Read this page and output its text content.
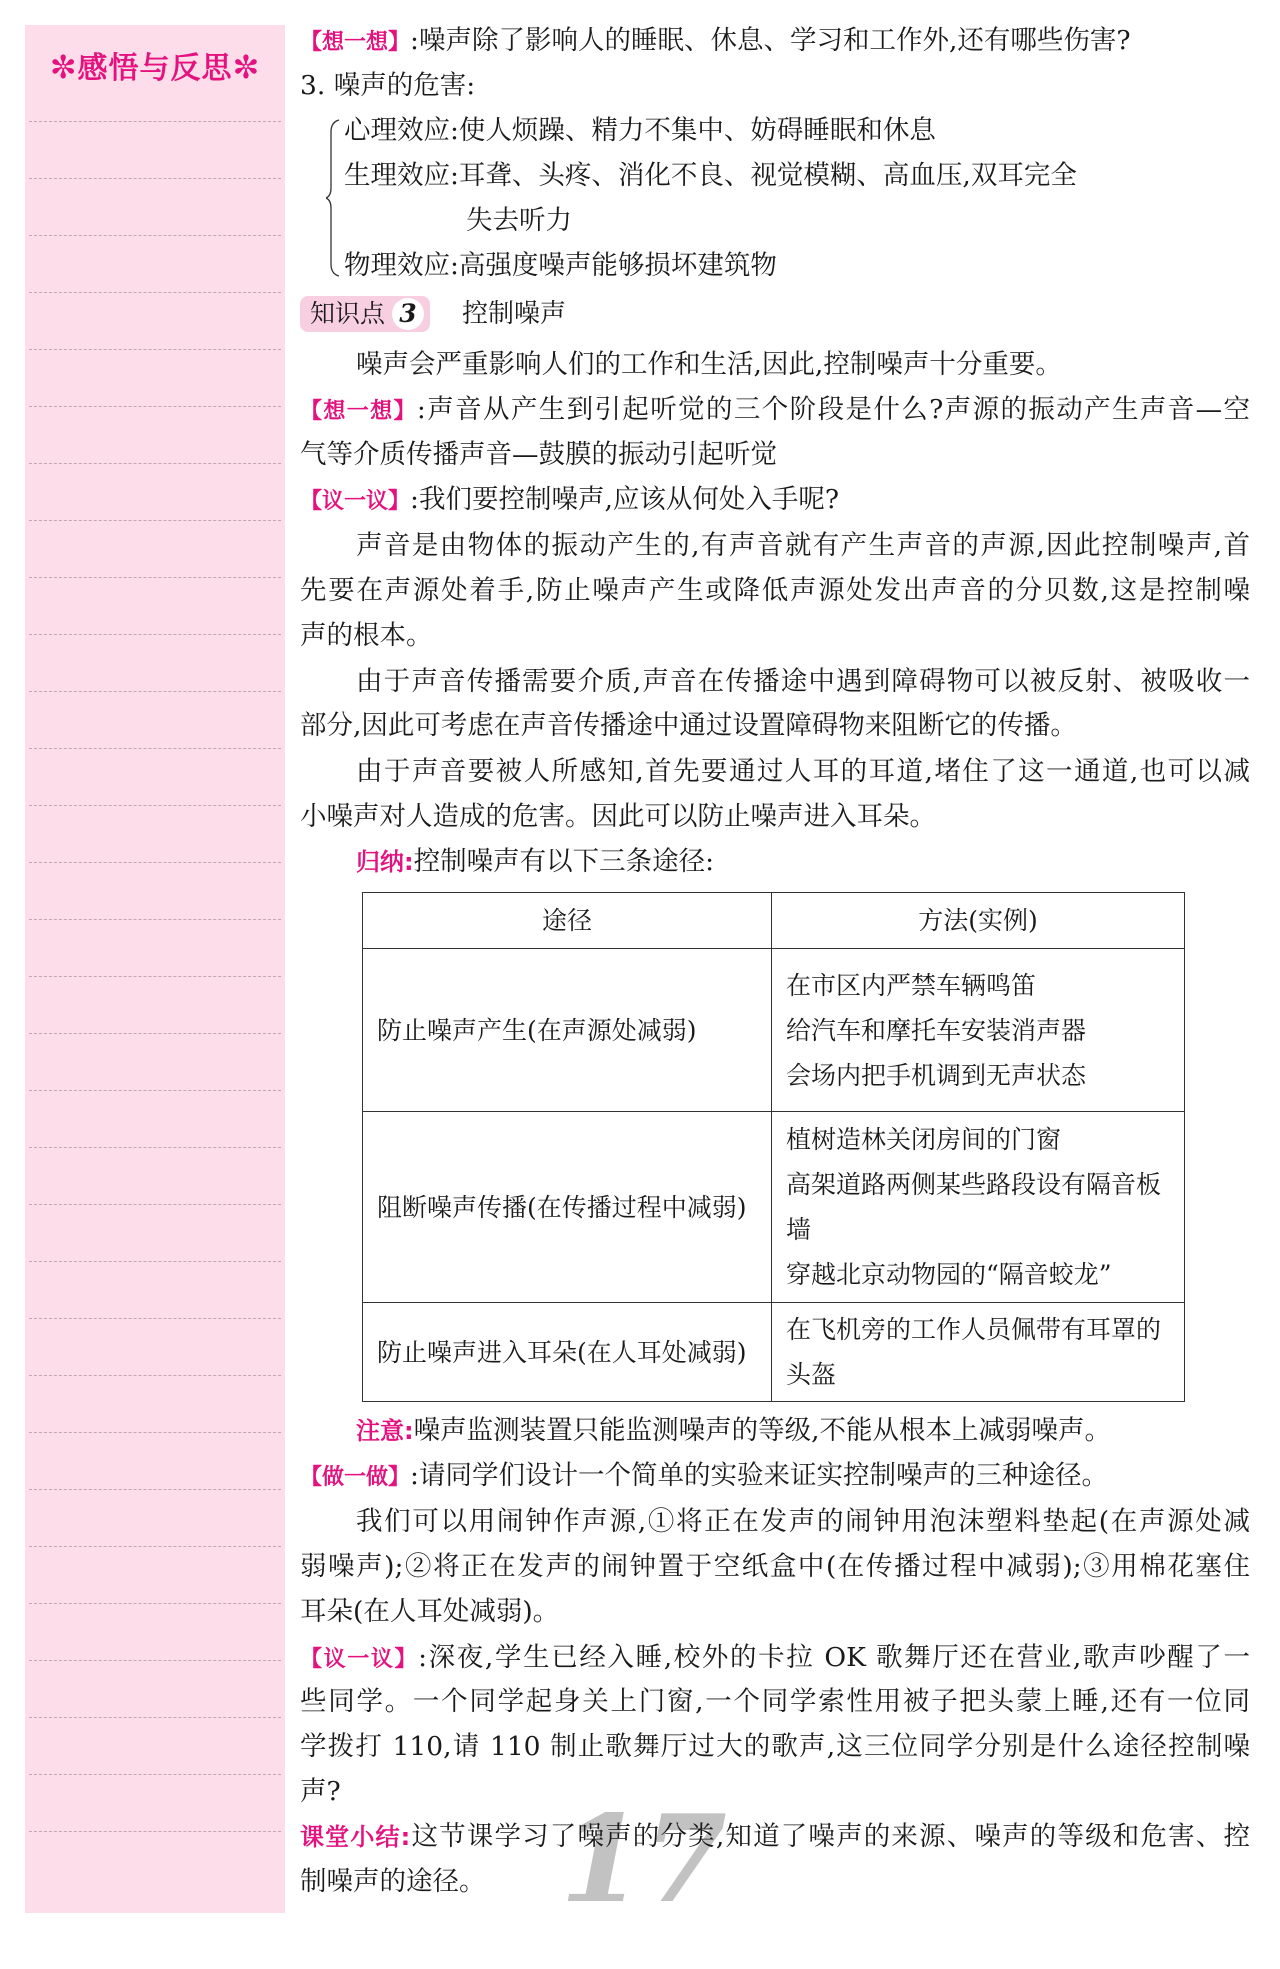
✼感悟与反思✼
【想一想】:噪声除了影响人的睡眠、休息、学习和工作外,还有哪些伤害?
3. 噪声的危害:
心理效应:使人烦躁、精力不集中、妨碍睡眠和休息
生理效应:耳聋、头疼、消化不良、视觉模糊、高血压,双耳完全
失去听力
物理效应:高强度噪声能够损坏建筑物
知识点 3 控制噪声
噪声会严重影响人们的工作和生活,因此,控制噪声十分重要。
【想一想】:声音从产生到引起听觉的三个阶段是什么?声源的振动产生声音—空
气等介质传播声音—鼓膜的振动引起听觉
【议一议】:我们要控制噪声,应该从何处入手呢?
声音是由物体的振动产生的,有声音就有产生声音的声源,因此控制噪声,首
先要在声源处着手,防止噪声产生或降低声源处发出声音的分贝数,这是控制噪
声的根本。
由于声音传播需要介质,声音在传播途中遇到障碍物可以被反射、被吸收一
部分,因此可考虑在声音传播途中通过设置障碍物来阻断它的传播。
由于声音要被人所感知,首先要通过人耳的耳道,堵住了这一通道,也可以减
小噪声对人造成的危害。因此可以防止噪声进入耳朵。
归纳:控制噪声有以下三条途径:
途径	方法(实例)
防止噪声产生(在声源处减弱)	在市区内严禁车辆鸣笛
给汽车和摩托车安装消声器
会场内把手机调到无声状态

阻断噪声传播(在传播过程中减弱)	植树造林关闭房间的门窗
高架道路两侧某些路段设有隔音板墙
穿越北京动物园的“隔音蛟龙”

防止噪声进入耳朵(在人耳处减弱)	在飞机旁的工作人员佩带有耳罩的头盔
注意:噪声监测装置只能监测噪声的等级,不能从根本上减弱噪声。
【做一做】:请同学们设计一个简单的实验来证实控制噪声的三种途径。
我们可以用闹钟作声源,①将正在发声的闹钟用泡沫塑料垫起(在声源处减
弱噪声);②将正在发声的闹钟置于空纸盒中(在传播过程中减弱);③用棉花塞住
耳朵(在人耳处减弱)。
【议一议】:深夜,学生已经入睡,校外的卡拉 OK 歌舞厅还在营业,歌声吵醒了一
些同学。一个同学起身关上门窗,一个同学索性用被子把头蒙上睡,还有一位同
学拨打 110,请 110 制止歌舞厅过大的歌声,这三位同学分别是什么途径控制噪
声?	17
课堂小结:这节课学习了噪声的分类,知道了噪声的来源、噪声的等级和危害、控
制噪声的途径。
